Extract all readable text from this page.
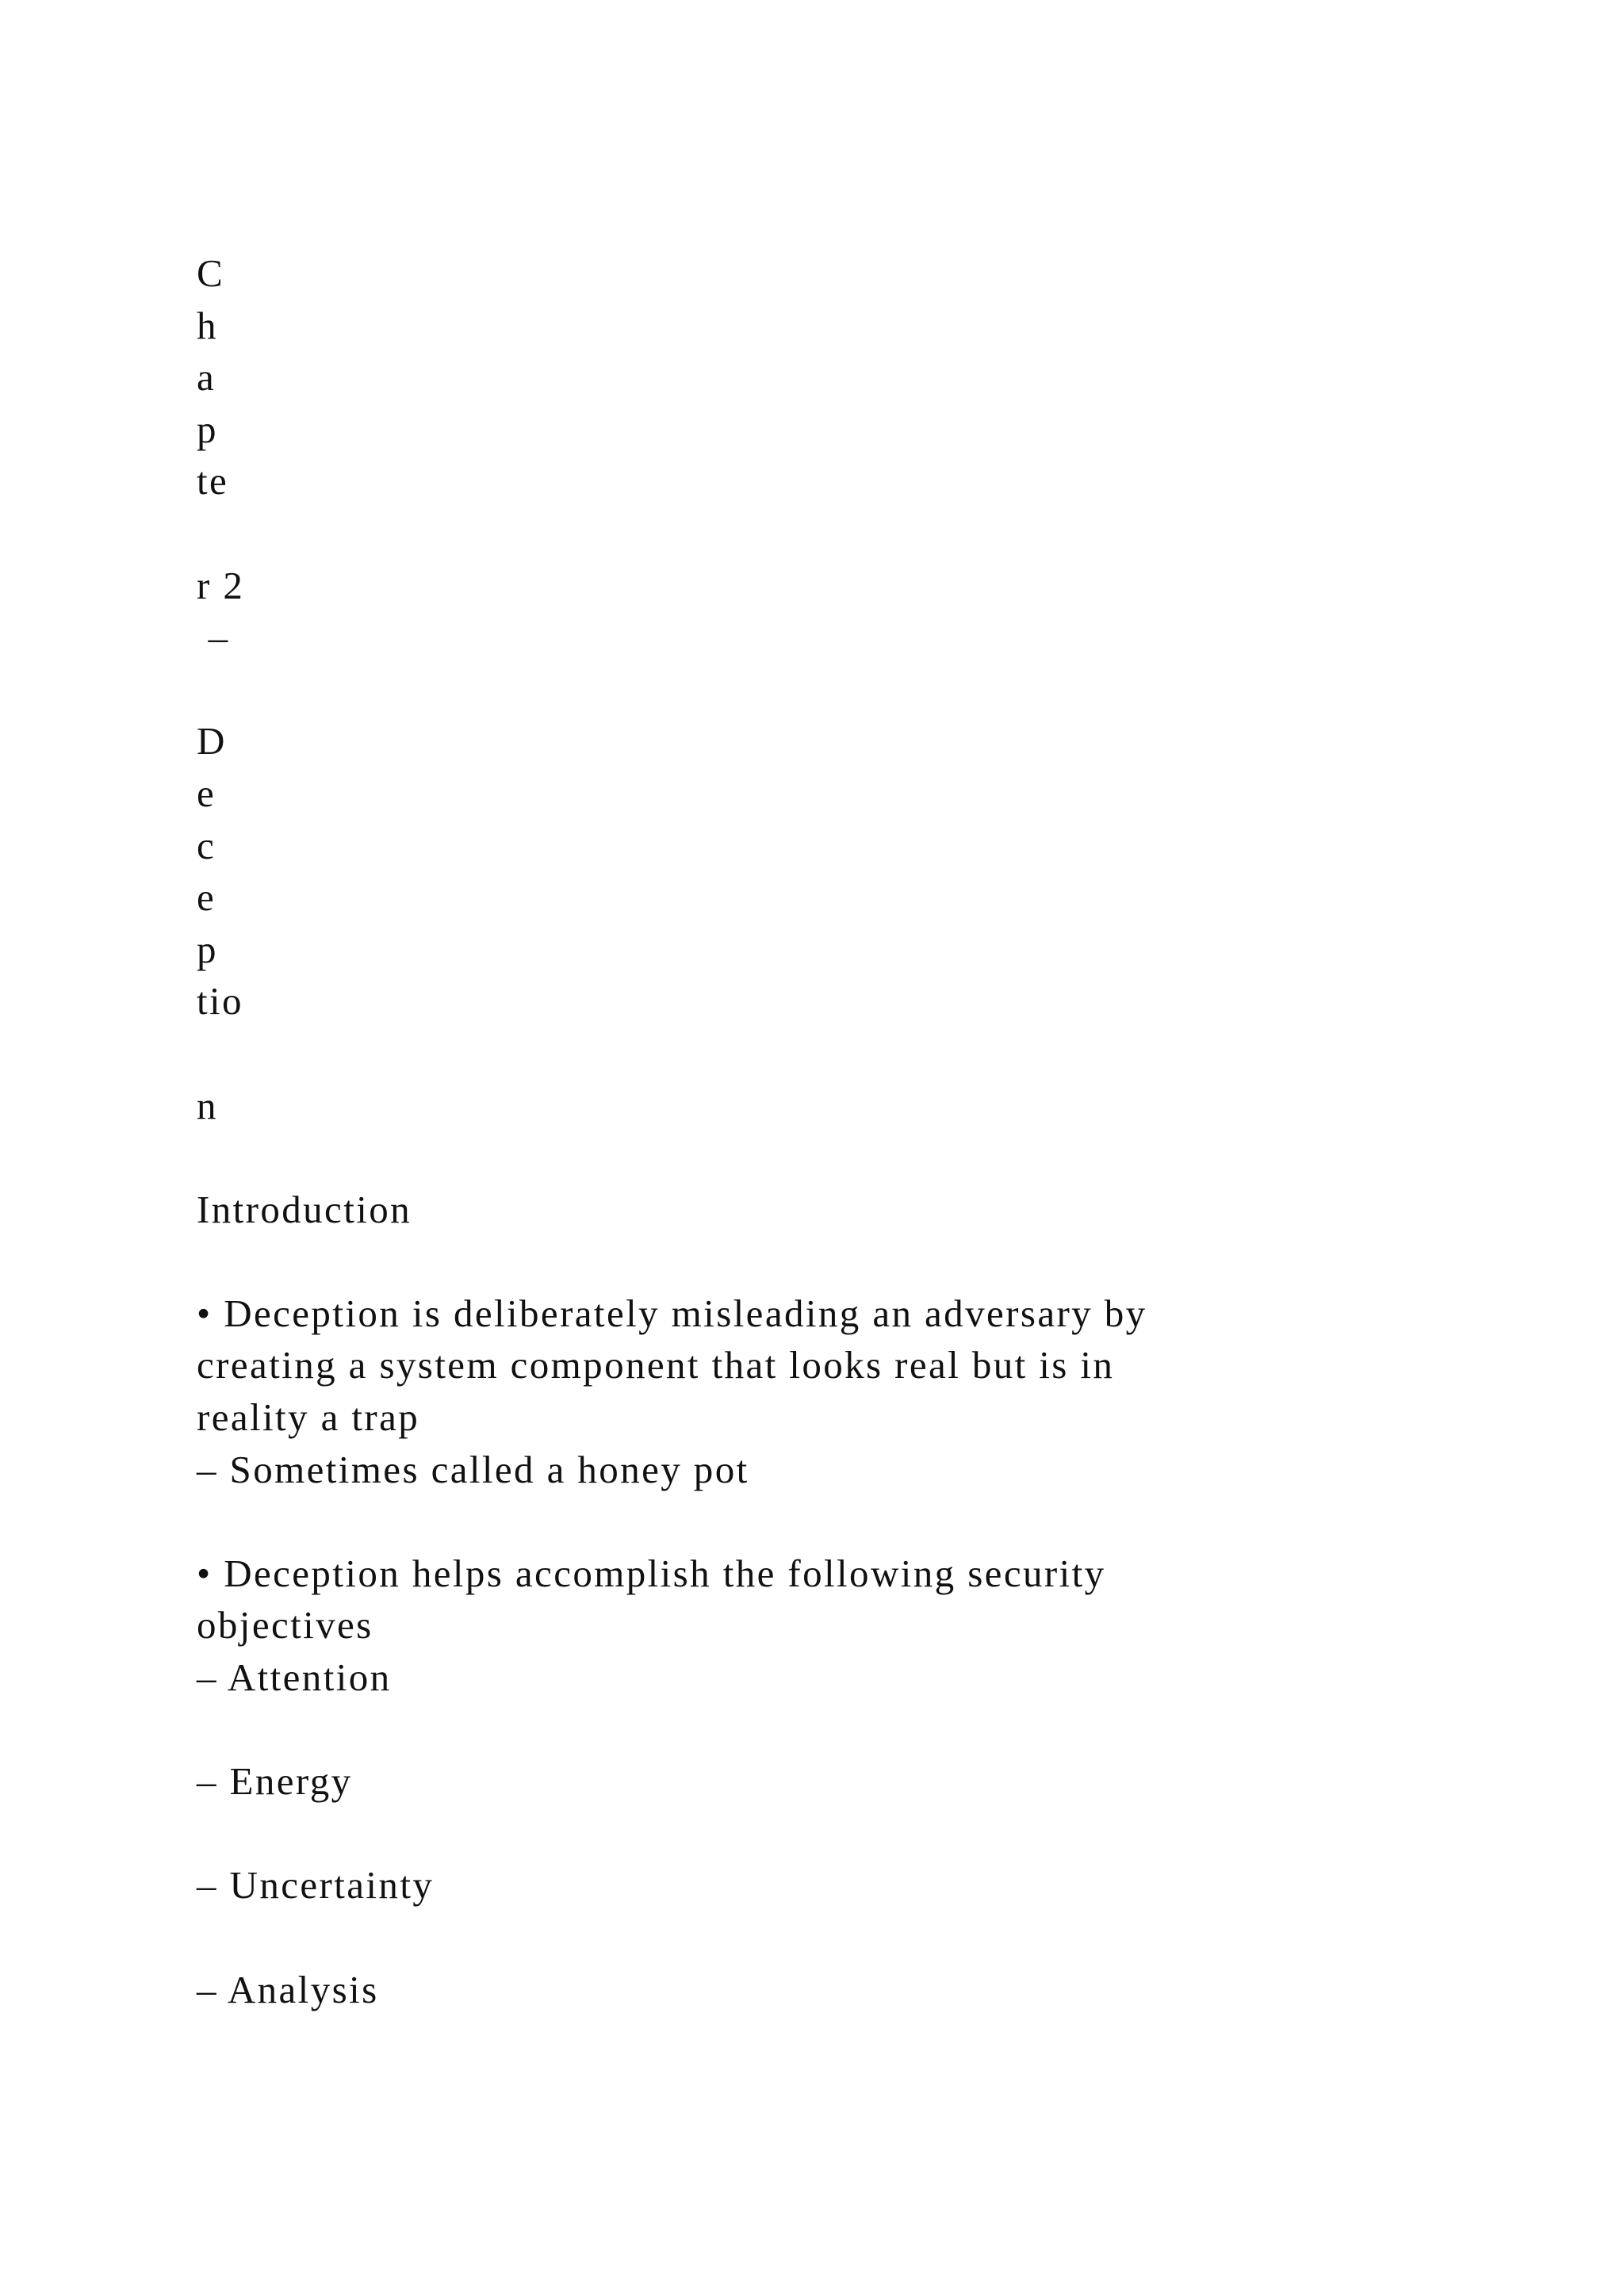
C
h
a
p
te
r 2
–
D
e
c
e
p
tio
n
Introduction
• Deception is deliberately misleading an adversary by
creating a system component that looks real but is in
reality a trap
– Sometimes called a honey pot
• Deception helps accomplish the following security
objectives
– Attention
– Energy
– Uncertainty
– Analysis
